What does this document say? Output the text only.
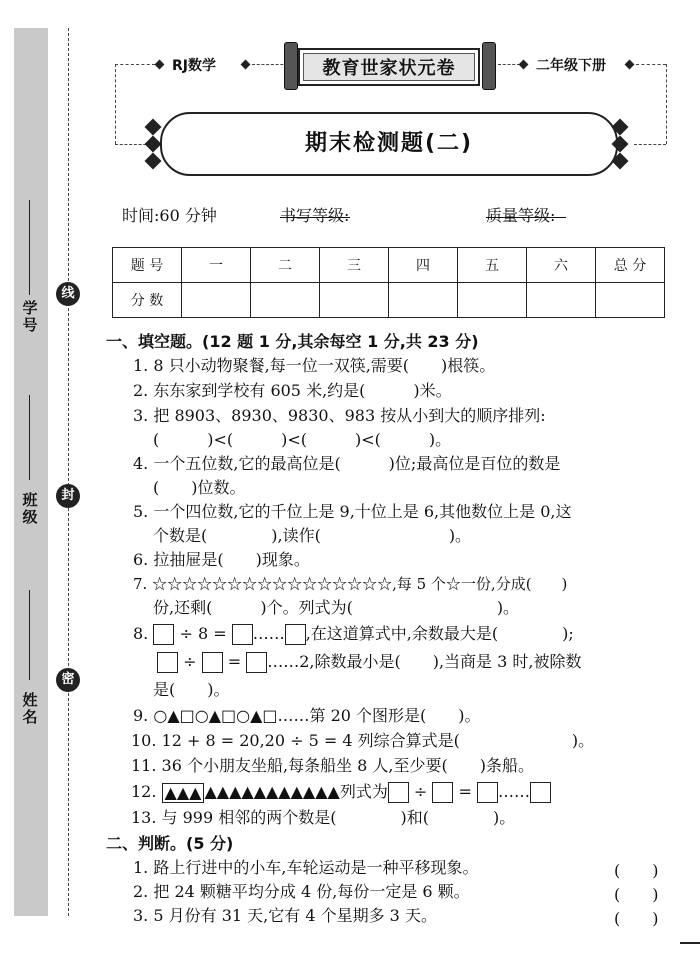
学号
班级
姓名
线
封
密
RJ数学	教育世家状元卷	二年级下册
期末检测题(二)
时间:60 分钟	书写等级:	质量等级:
题 号	一	二	三	四	五	六	总 分
分 数							
一、填空题。(12 题 1 分,其余每空 1 分,共 23 分)
1. 8 只小动物聚餐,每一位一双筷,需要(　　)根筷。
2. 东东家到学校有 605 米,约是(　　　)米。
3. 把 8903、8930、9830、983 按从小到大的顺序排列:
(　　　)<(　　　)<(　　　)<(　　　)。
4. 一个五位数,它的最高位是(　　　)位;最高位是百位的数是
(　　)位数。
5. 一个四位数,它的千位上是 9,十位上是 6,其他数位上是 0,这
个数是(　　　　),读作(　　　　　　　　)。
6. 拉抽屉是(　　)现象。
7. ☆☆☆☆☆☆☆☆☆☆☆☆☆☆☆☆,每 5 个☆一份,分成(　　)
份,还剩(　　　)个。列式为(　　　　　　　　　)。
8. ÷ 8 = …… ,在这道算式中,余数最大是(　　　　);
÷ = ……2,除数最小是(　　),当商是 3 时,被除数
是(　　)。
9. ○▲□○▲□○▲□……第 20 个图形是(　　)。
10. 12 + 8 = 20,20 ÷ 5 = 4 列综合算式是(　　　　　　　)。
11. 36 个小朋友坐船,每条船坐 8 人,至少要(　　)条船。
12. ▲▲▲ ▲▲▲▲▲▲▲▲▲▲▲列式为 ÷ = ……
13. 与 999 相邻的两个数是(　　　　)和(　　　　)。
二、判断。(5 分)
1. 路上行进中的小车,车轮运动是一种平移现象。	(　　)
2. 把 24 颗糖平均分成 4 份,每份一定是 6 颗。	(　　)
3. 5 月份有 31 天,它有 4 个星期多 3 天。	(　　)
